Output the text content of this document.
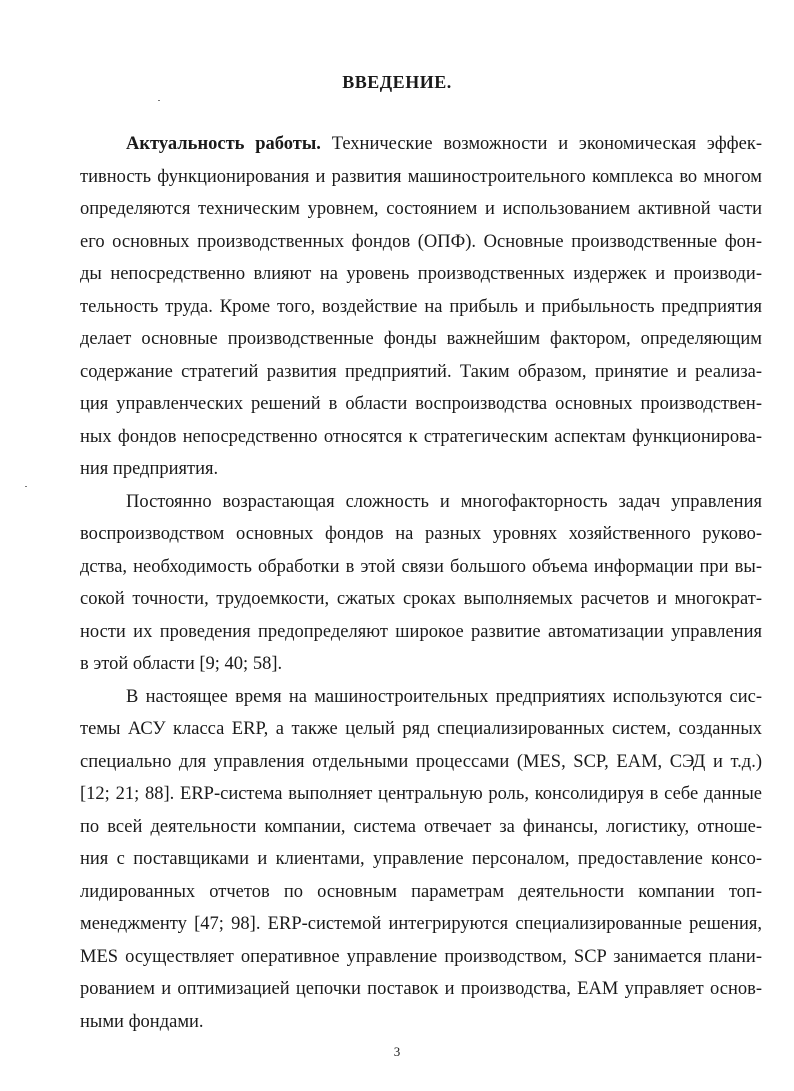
ВВЕДЕНИЕ.
Актуальность работы. Технические возможности и экономическая эффек-
тивность функционирования и развития машиностроительного комплекса во многом
определяются техническим уровнем, состоянием и использованием активной части
его основных производственных фондов (ОПФ). Основные производственные фон-
ды непосредственно влияют на уровень производственных издержек и производи-
тельность труда. Кроме того, воздействие на прибыль и прибыльность предприятия
делает основные производственные фонды важнейшим фактором, определяющим
содержание стратегий развития предприятий. Таким образом, принятие и реализа-
ция управленческих решений в области воспроизводства основных производствен-
ных фондов непосредственно относятся к стратегическим аспектам функционирова-
ния предприятия.
Постоянно возрастающая сложность и многофакторность задач управления
воспроизводством основных фондов на разных уровнях хозяйственного руково-
дства, необходимость обработки в этой связи большого объема информации при вы-
сокой точности, трудоемкости, сжатых сроках выполняемых расчетов и многократ-
ности их проведения предопределяют широкое развитие автоматизации управления
в этой области [9; 40; 58].
В настоящее время на машиностроительных предприятиях используются сис-
темы АСУ класса ERP, а также целый ряд специализированных систем, созданных
специально для управления отдельными процессами (MES, SCP, EAM, СЭД и т.д.)
[12; 21; 88]. ERP-система выполняет центральную роль, консолидируя в себе данные
по всей деятельности компании, система отвечает за финансы, логистику, отноше-
ния с поставщиками и клиентами, управление персоналом, предоставление консо-
лидированных отчетов по основным параметрам деятельности компании топ-
менеджменту [47; 98]. ERP-системой интегрируются специализированные решения,
MES осуществляет оперативное управление производством, SCP занимается плани-
рованием и оптимизацией цепочки поставок и производства, EAM управляет основ-
ными фондами.
3
